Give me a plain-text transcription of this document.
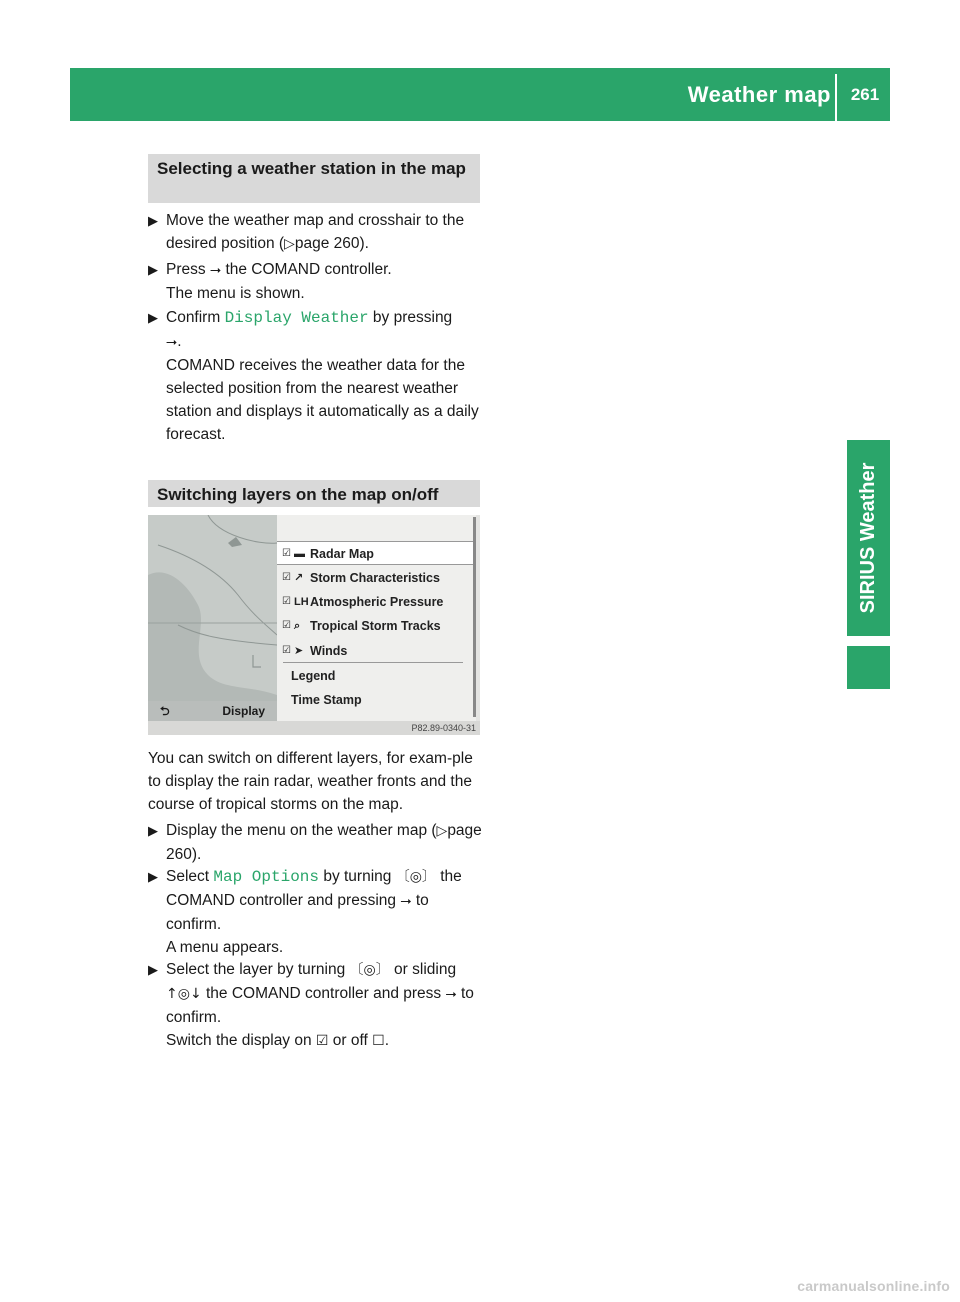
Weather map	261
SIRIUS Weather
Selecting a weather station in the map
▶ Move the weather map and crosshair to the desired position (▷page 260).
▶ Press ⭢ the COMAND controller.
The menu is shown.
▶ Confirm Display Weather by pressing
⭢.
COMAND receives the weather data for the selected position from the nearest weather station and displays it automatically as a daily forecast.
Switching layers on the map on/off
⮌	Display
☑ ▬ Radar Map
☑ ↗ Storm Characteristics
☑ LH Atmospheric Pressure
☑ ⌕ Tropical Storm Tracks
☑ ➤ Winds
Legend
Time Stamp
P82.89-0340-31
You can switch on different layers, for exam-ple to display the rain radar, weather fronts and the course of tropical storms on the map.
▶ Display the menu on the weather map (▷page 260).
▶ Select Map Options by turning 〔◎〕 the COMAND controller and pressing ⭢ to confirm.
A menu appears.
▶ Select the layer by turning 〔◎〕 or sliding ↑◎↓ the COMAND controller and press ⭢ to confirm.
Switch the display on ☑ or off ☐.
carmanualsonline.info
